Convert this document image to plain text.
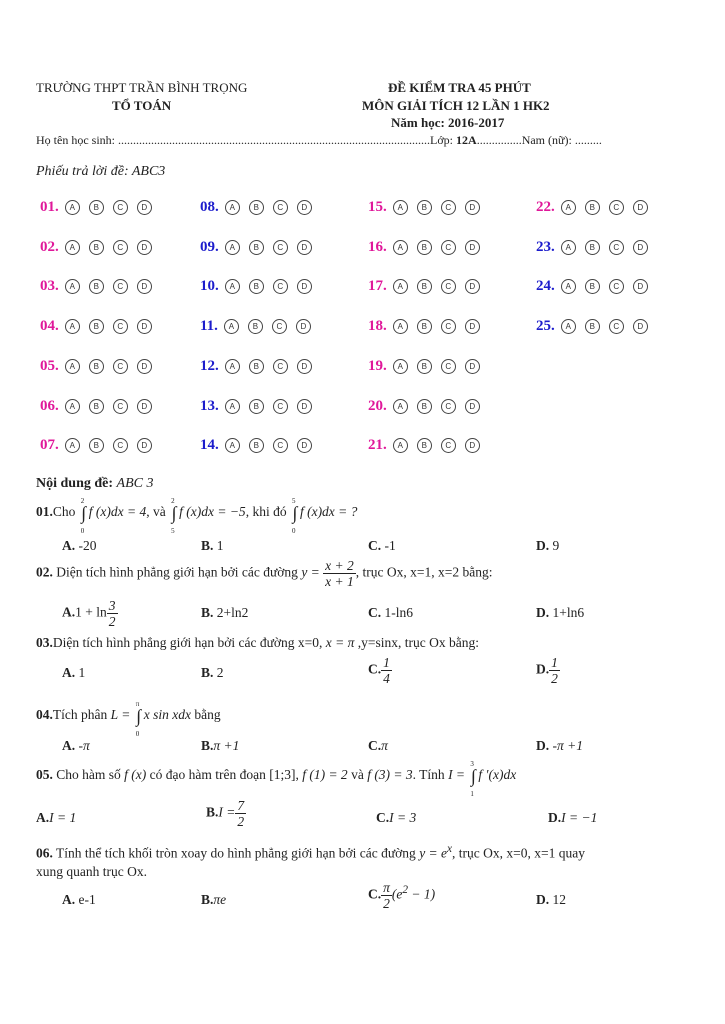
TRƯỜNG THPT TRẦN BÌNH TRỌNG
TỔ TOÁN
ĐỀ KIỂM TRA 45 PHÚT
MÔN GIẢI TÍCH 12 LẦN 1 HK2
Năm học: 2016-2017
Họ tên học sinh: ........................................................................................................Lớp: 12A...............Nam (nữ): .........
Phiếu trả lời đề: ABC3
01.	A	B	C	D	08.	A	B	C	D	15.	A	B	C	D	22.	A	B	C	D
02.	A	B	C	D	09.	A	B	C	D	16.	A	B	C	D	23.	A	B	C	D
03.	A	B	C	D	10.	A	B	C	D	17.	A	B	C	D	24.	A	B	C	D
04.	A	B	C	D	11.	A	B	C	D	18.	A	B	C	D	25.	A	B	C	D
05.	A	B	C	D	12.	A	B	C	D	19.	A	B	C	D
06.	A	B	C	D	13.	A	B	C	D	20.	A	B	C	D
07.	A	B	C	D	14.	A	B	C	D	21.	A	B	C	D
Nội dung đề: ABC 3
01.Cho ∫
2
0
f (x)dx = 4, và ∫
2
5
f (x)dx = −5, khi đó ∫
5
0
f (x)dx = ?
A. -20	B. 1	C. -1	D. 9
02. Diện tích hình phẳng giới hạn bởi các đường $y = \frac{x + 2}{x + 1}$ , trục Ox, x=1, x=2 bằng:
$A.1 + \ln \frac{3}{2}$	B. 2+ln2	C. 1-ln6	D. 1+ln6
03.Diện tích hình phẳng giới hạn bởi các đường x=0, x = π ,y=sinx, trục Ox bằng:
A. 1	B. 2	C. $\frac{1}{4}$	D. $\frac{1}{2}$
04.Tích phân L = ∫
π
0
x sin xdx bằng
A. -π	B.π +1	C.π	D. -π +1
05. Cho hàm số f (x) có đạo hàm trên đoạn [1;3], f (1) = 2 và f (3) = 3. Tính I = ∫
3
1
f ′(x)dx
A.I = 1	$B.I = \frac{7}{2}$	C.I = 3	D.I = −1
06. Tính thể tích khối tròn xoay do hình phẳng giới hạn bởi các đường $y = e^x$, trục Ox, x=0, x=1 quay
xung quanh trục Ox.
A. e-1	B.πe	C. $\frac{\pi}{2} (e^2 - 1)$	D. 12
